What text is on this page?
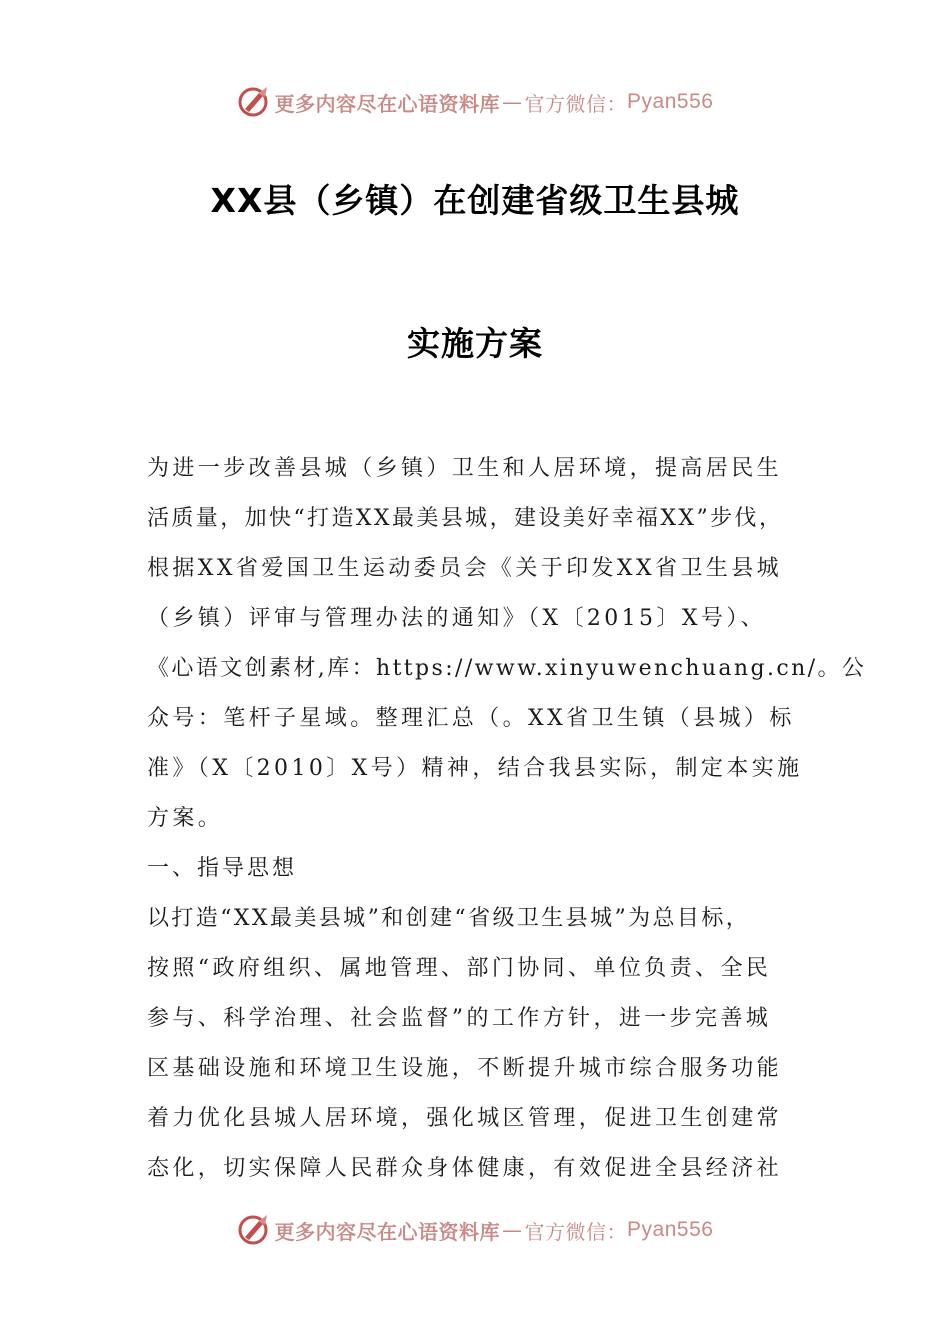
更多内容尽在心语资料库 — 官方微信： Pyan556
XX县（乡镇）在创建省级卫生县城
实施方案
为进一步改善县城（乡镇）卫生和人居环境，提高居民生
活质量，加快“打造XX最美县城，建设美好幸福XX”步伐，
根据XX省爱国卫生运动委员会《关于印发XX省卫生县城
（乡镇）评审与管理办法的通知》（X〔2015〕X号）、
《心语文创素材,库：https://www.xinyuwenchuang.cn/。公
众号：笔杆子星域。整理汇总（。XX省卫生镇（县城）标
准》（X〔2010〕X号）精神，结合我县实际，制定本实施
方案。
一、指导思想
以打造“XX最美县城”和创建“省级卫生县城”为总目标，
按照“政府组织、属地管理、部门协同、单位负责、全民
参与、科学治理、社会监督”的工作方针，进一步完善城
区基础设施和环境卫生设施，不断提升城市综合服务功能
着力优化县城人居环境，强化城区管理，促进卫生创建常
态化，切实保障人民群众身体健康，有效促进全县经济社
更多内容尽在心语资料库 — 官方微信： Pyan556
